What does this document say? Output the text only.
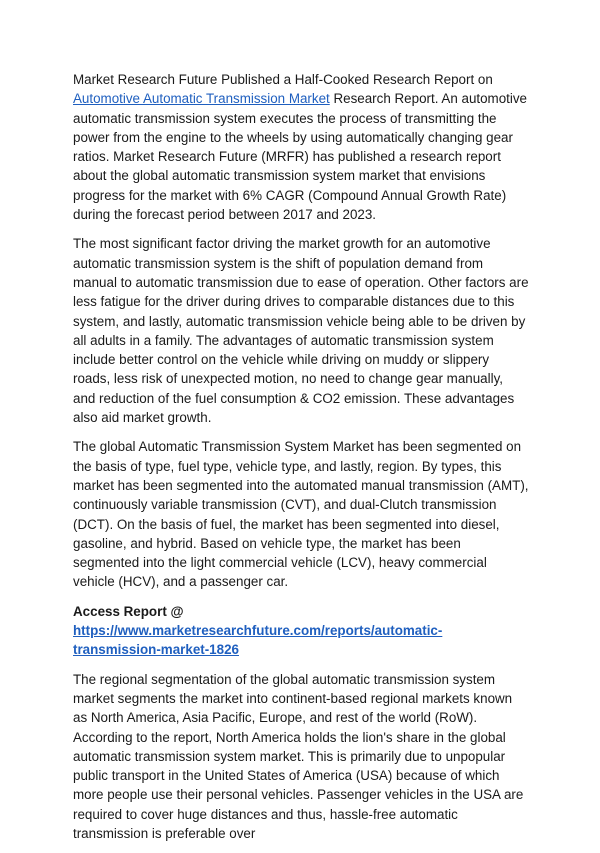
Market Research Future Published a Half-Cooked Research Report on Automotive Automatic Transmission Market Research Report. An automotive automatic transmission system executes the process of transmitting the power from the engine to the wheels by using automatically changing gear ratios. Market Research Future (MRFR) has published a research report about the global automatic transmission system market that envisions progress for the market with 6% CAGR (Compound Annual Growth Rate) during the forecast period between 2017 and 2023.

The most significant factor driving the market growth for an automotive automatic transmission system is the shift of population demand from manual to automatic transmission due to ease of operation. Other factors are less fatigue for the driver during drives to comparable distances due to this system, and lastly, automatic transmission vehicle being able to be driven by all adults in a family. The advantages of automatic transmission system include better control on the vehicle while driving on muddy or slippery roads, less risk of unexpected motion, no need to change gear manually, and reduction of the fuel consumption & CO2 emission. These advantages also aid market growth.

The global Automatic Transmission System Market has been segmented on the basis of type, fuel type, vehicle type, and lastly, region. By types, this market has been segmented into the automated manual transmission (AMT), continuously variable transmission (CVT), and dual-Clutch transmission (DCT). On the basis of fuel, the market has been segmented into diesel, gasoline, and hybrid. Based on vehicle type, the market has been segmented into the light commercial vehicle (LCV), heavy commercial vehicle (HCV), and a passenger car.

Access Report @
https://www.marketresearchfuture.com/reports/automatic-transmission-market-1826

The regional segmentation of the global automatic transmission system market segments the market into continent-based regional markets known as North America, Asia Pacific, Europe, and rest of the world (RoW). According to the report, North America holds the lion's share in the global automatic transmission system market. This is primarily due to unpopular public transport in the United States of America (USA) because of which more people use their personal vehicles. Passenger vehicles in the USA are required to cover huge distances and thus, hassle-free automatic transmission is preferable over
